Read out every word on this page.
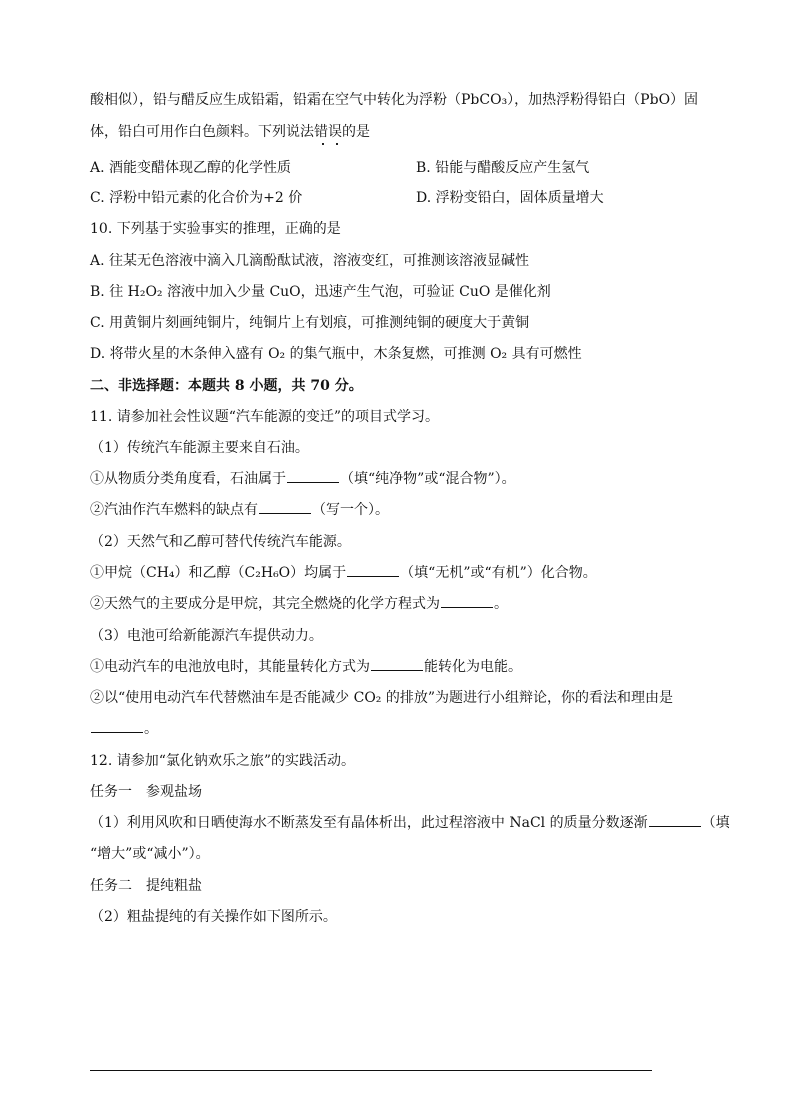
酸相似），铅与醋反应生成铅霜，铅霜在空气中转化为浮粉（PbCO₃），加热浮粉得铅白（PbO）固
体，铅白可用作白色颜料。下列说法错误的是
A. 酒能变醋体现乙醇的化学性质	B. 铅能与醋酸反应产生氢气
C. 浮粉中铅元素的化合价为+2 价	D. 浮粉变铅白，固体质量增大
10. 下列基于实验事实的推理，正确的是
A. 往某无色溶液中滴入几滴酚酞试液，溶液变红，可推测该溶液显碱性
B. 往 H₂O₂ 溶液中加入少量 CuO，迅速产生气泡，可验证 CuO 是催化剂
C. 用黄铜片刻画纯铜片，纯铜片上有划痕，可推测纯铜的硬度大于黄铜
D. 将带火星的木条伸入盛有 O₂ 的集气瓶中，木条复燃，可推测 O₂ 具有可燃性
二、非选择题：本题共 8 小题，共 70 分。
11. 请参加社会性议题“汽车能源的变迁”的项目式学习。
（1）传统汽车能源主要来自石油。
①从物质分类角度看，石油属于	（填“纯净物”或“混合物”）。
②汽油作汽车燃料的缺点有	（写一个）。
（2）天然气和乙醇可替代传统汽车能源。
①甲烷（CH₄）和乙醇（C₂H₆O）均属于	（填“无机”或“有机”）化合物。
②天然气的主要成分是甲烷，其完全燃烧的化学方程式为	。
（3）电池可给新能源汽车提供动力。
①电动汽车的电池放电时，其能量转化方式为	能转化为电能。
②以“使用电动汽车代替燃油车是否能减少 CO₂ 的排放”为题进行小组辩论，你的看法和理由是
。
12. 请参加“氯化钠欢乐之旅”的实践活动。
任务一　参观盐场
（1）利用风吹和日晒使海水不断蒸发至有晶体析出，此过程溶液中 NaCl 的质量分数逐渐	（填
“增大”或“减小”）。
任务二　提纯粗盐
（2）粗盐提纯的有关操作如下图所示。
